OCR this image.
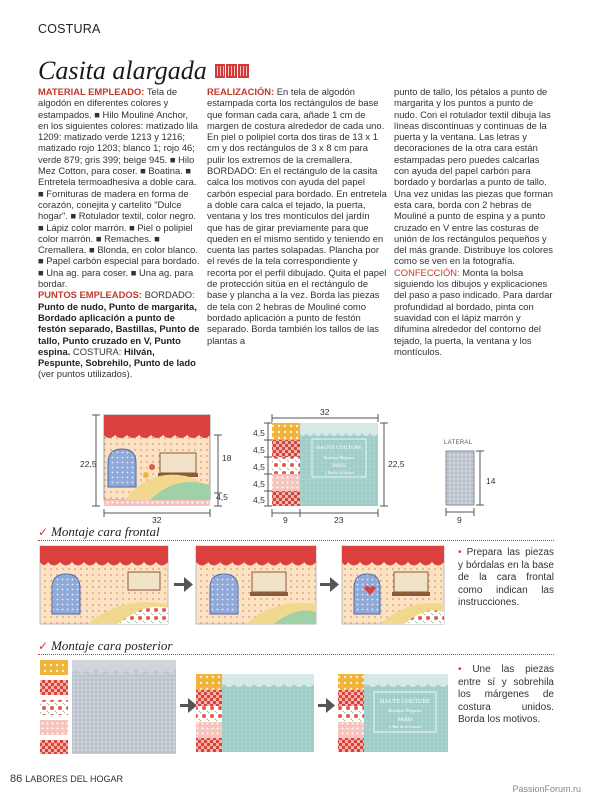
COSTURA
Casita alargada

MATERIAL EMPLEADO: Tela de algodón en diferentes colores y estampados. ■ Hilo Mouliné Anchor, en los siguientes colores: matizado lila 1209: matizado verde 1213 y 1216; matizado rojo 1203; blanco 1; rojo 46; verde 879; gris 399; beige 945. ■ Hilo Mez Cotton, para coser. ■ Boatina. ■ Entretela termoadhesiva a doble cara. ■ Fornituras de madera en forma de corazón, conejita y cartelito "Dulce hogar". ■ Rotulador textil, color negro. ■ Lápiz color marrón. ■ Piel o polipiel color marrón. ■ Remaches. ■ Cremallera. ■ Blonda, en color blanco. ■ Papel carbón especial para bordado. ■ Una ag. para coser. ■ Una ag. para bordar.

PUNTOS EMPLEADOS: BORDADO: Punto de nudo, Punto de margarita, Bordado aplicación a punto de festón separado, Bastillas, Punto de tallo, Punto cruzado en V, Punto espina. COSTURA: Hilván, Pespunte, Sobrehilo, Punto de lado (ver puntos utilizados).

REALIZACIÓN: En tela de algodón estampada corta los rectángulos de base que forman cada cara, añade 1 cm de margen de costura alrededor de cada uno. En piel o polipiel corta dos tiras de 13 x 1 cm y dos rectángulos de 3 x 8 cm para pulir los extremos de la cremallera.

BORDADO: En el rectángulo de la casita calca los motivos con ayuda del papel carbón especial para bordado. En entretela a doble cara calca el tejado, la puerta, ventana y los tres montículos del jardín que has de girar previamente para que queden en el mismo sentido y teniendo en cuenta las partes solapadas. Plancha por el revés de la tela correspondiente y recorta por el perfil dibujado. Quita el papel de protección sitúa en el rectángulo de base y plancha a la vez. Borda las piezas de tela con 2 hebras de Mouliné como bordado aplicación a punto de festón separado. Borda también los tallos de las plantas a

punto de tallo, los pétalos a punto de margarita y los puntos a punto de nudo. Con el rotulador textil dibuja las líneas discontinuas y continuas de la puerta y la ventana. Las letras y decoraciones de la otra cara están estampadas pero puedes calcarlas con ayuda del papel carbón para bordado y bordarlas a punto de tallo. Una vez unidas las piezas que forman esta cara, borda con 2 hebras de Mouliné a punto de espina y a punto cruzado en V entre las costuras de unión de los rectángulos pequeños y del más grande. Distribuye los colores como se ven en la fotografía.

CONFECCIÓN: Monta la bolsa siguiendo los dibujos y explicaciones del paso a paso indicado. Para dardar profundidad al bordado, pinta con suavidad con el lápiz marrón y difumina alrededor del contorno del tejado, la puerta, la ventana y los montículos.

HAUTE COUTURE
Boutique Élégance
PARIS
1, Rue de la Couture
22,5
18
4,5
32
32
4,5
4,5
4,5
4,5
4,5
22,5
9	23
LATERAL
14
9
✓ Montaje cara frontal
• Prepara las piezas y bórdalas en la base de la cara frontal como indican las instrucciones.
✓ Montaje cara posterior
HAUTE COUTURE
Boutique Élégance
PARIS
1, Rue de la Couture
• Une las piezas entre sí y sobrehila los márgenes de costura unidos. Borda los motivos.
86 LABORES DEL HOGAR
PassionForum.ru
